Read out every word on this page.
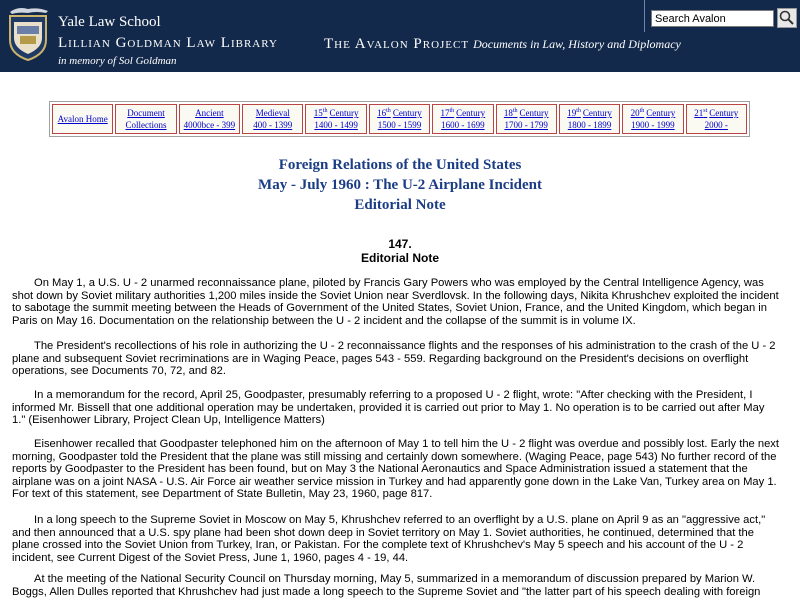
Yale Law School
Lillian Goldman Law Library
in memory of Sol Goldman
The Avalon Project Documents in Law, History and Diplomacy
Search Avalon
Avalon Home
Document
Collections
Ancient
4000bce - 399
Medieval
400 - 1399
15th Century
1400 - 1499
16th Century
1500 - 1599
17th Century
1600 - 1699
18th Century
1700 - 1799
19th Century
1800 - 1899
20th Century
1900 - 1999
21st Century
2000 -
Foreign Relations of the United States
May - July 1960 : The U-2 Airplane Incident
Editorial Note
147.
Editorial Note

On May 1, a U.S. U - 2 unarmed reconnaissance plane, piloted by Francis Gary Powers who was employed by the Central Intelligence Agency, was shot down by Soviet military authorities 1,200 miles inside the Soviet Union near Sverdlovsk. In the following days, Nikita Khrushchev exploited the incident to sabotage the summit meeting between the Heads of Government of the United States, Soviet Union, France, and the United Kingdom, which began in Paris on May 16. Documentation on the relationship between the U - 2 incident and the collapse of the summit is in volume IX.

The President's recollections of his role in authorizing the U - 2 reconnaissance flights and the responses of his administration to the crash of the U - 2 plane and subsequent Soviet recriminations are in Waging Peace, pages 543 - 559. Regarding background on the President's decisions on overflight operations, see Documents 70, 72, and 82.

In a memorandum for the record, April 25, Goodpaster, presumably referring to a proposed U - 2 flight, wrote: "After checking with the President, I informed Mr. Bissell that one additional operation may be undertaken, provided it is carried out prior to May 1. No operation is to be carried out after May 1." (Eisenhower Library, Project Clean Up, Intelligence Matters)

Eisenhower recalled that Goodpaster telephoned him on the afternoon of May 1 to tell him the U - 2 flight was overdue and possibly lost. Early the next morning, Goodpaster told the President that the plane was still missing and certainly down somewhere. (Waging Peace, page 543) No further record of the reports by Goodpaster to the President has been found, but on May 3 the National Aeronautics and Space Administration issued a statement that the airplane was on a joint NASA - U.S. Air Force air weather service mission in Turkey and had apparently gone down in the Lake Van, Turkey area on May 1. For text of this statement, see Department of State Bulletin, May 23, 1960, page 817.

In a long speech to the Supreme Soviet in Moscow on May 5, Khrushchev referred to an overflight by a U.S. plane on April 9 as an "aggressive act," and then announced that a U.S. spy plane had been shot down deep in Soviet territory on May 1. Soviet authorities, he continued, determined that the plane crossed into the Soviet Union from Turkey, Iran, or Pakistan. For the complete text of Khrushchev's May 5 speech and his account of the U - 2 incident, see Current Digest of the Soviet Press, June 1, 1960, pages 4 - 19, 44.

At the meeting of the National Security Council on Thursday morning, May 5, summarized in a memorandum of discussion prepared by Marion W. Boggs, Allen Dulles reported that Khrushchev had just made a long speech to the Supreme Soviet and "the latter part of his speech dealing with foreign
